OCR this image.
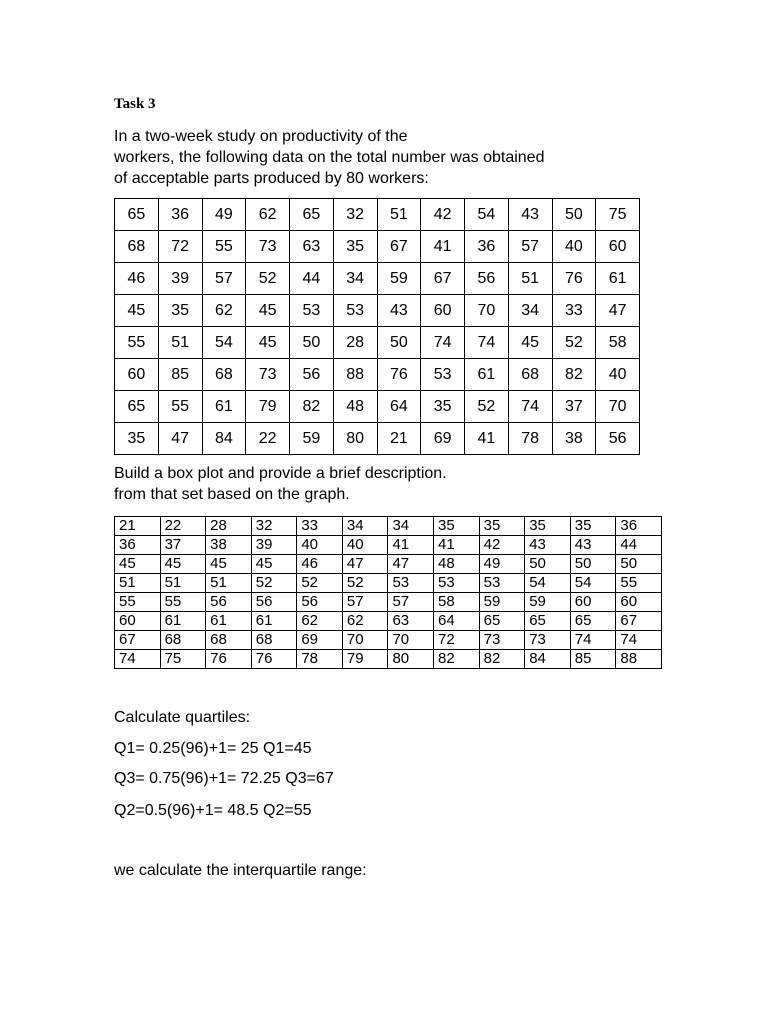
Task 3
In a two-week study on productivity of the
workers, the following data on the total number was obtained
of acceptable parts produced by 80 workers:
65	36	49	62	65	32	51	42	54	43	50	75
68	72	55	73	63	35	67	41	36	57	40	60
46	39	57	52	44	34	59	67	56	51	76	61
45	35	62	45	53	53	43	60	70	34	33	47
55	51	54	45	50	28	50	74	74	45	52	58
60	85	68	73	56	88	76	53	61	68	82	40
65	55	61	79	82	48	64	35	52	74	37	70
35	47	84	22	59	80	21	69	41	78	38	56
Build a box plot and provide a brief description.
from that set based on the graph.
21	22	28	32	33	34	34	35	35	35	35	36
36	37	38	39	40	40	41	41	42	43	43	44
45	45	45	45	46	47	47	48	49	50	50	50
51	51	51	52	52	52	53	53	53	54	54	55
55	55	56	56	56	57	57	58	59	59	60	60
60	61	61	61	62	62	63	64	65	65	65	67
67	68	68	68	69	70	70	72	73	73	74	74
74	75	76	76	78	79	80	82	82	84	85	88
Calculate quartiles:
Q1= 0.25(96)+1= 25 Q1=45
Q3= 0.75(96)+1= 72.25 Q3=67
Q2=0.5(96)+1= 48.5 Q2=55
we calculate the interquartile range:
